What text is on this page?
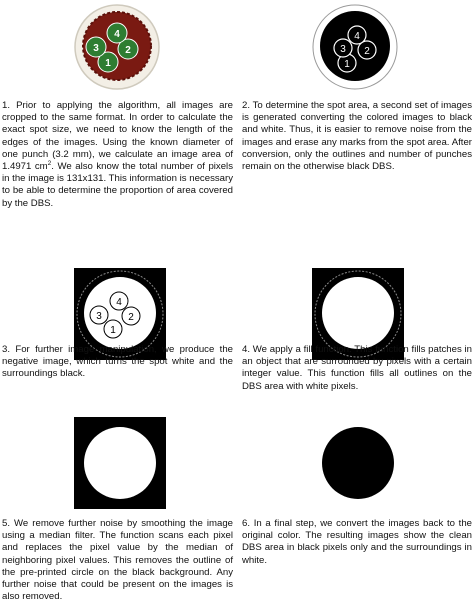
1
2
3
4
1
2
3
4
1. Prior to applying the algorithm, all images are cropped to the same format. In order to calculate the exact spot size, we need to know the length of the edges of the images. Using the known diameter of one punch (3.2 mm), we calculate an image area of 1.4971 $cm^2$. We also know the total number of pixels in the image is 131x131. This information is necessary to be able to determine the proportion of area covered by the DBS.
2. To determine the spot area, a second set of images is generated converting the colored images to black and white. Thus, it is easier to remove noise from the images and erase any marks from the spot area. After conversion, only the outlines and number of punches remain on the otherwise black DBS.
1
2
3
4
3. For further image manipulation, we produce the negative image, which turns the spot white and the surroundings black.
4. We apply a fill function. This function fills patches in an object that are surrounded by pixels with a certain integer value. This function fills all outlines on the DBS area with white pixels.
5. We remove further noise by smoothing the image using a median filter. The function scans each pixel and replaces the pixel value by the median of neighboring pixel values. This removes the outline of the pre-printed circle on the black background. Any further noise that could be present on the images is also removed.
6. In a final step, we convert the images back to the original color. The resulting images show the clean DBS area in black pixels only and the surroundings in white.
